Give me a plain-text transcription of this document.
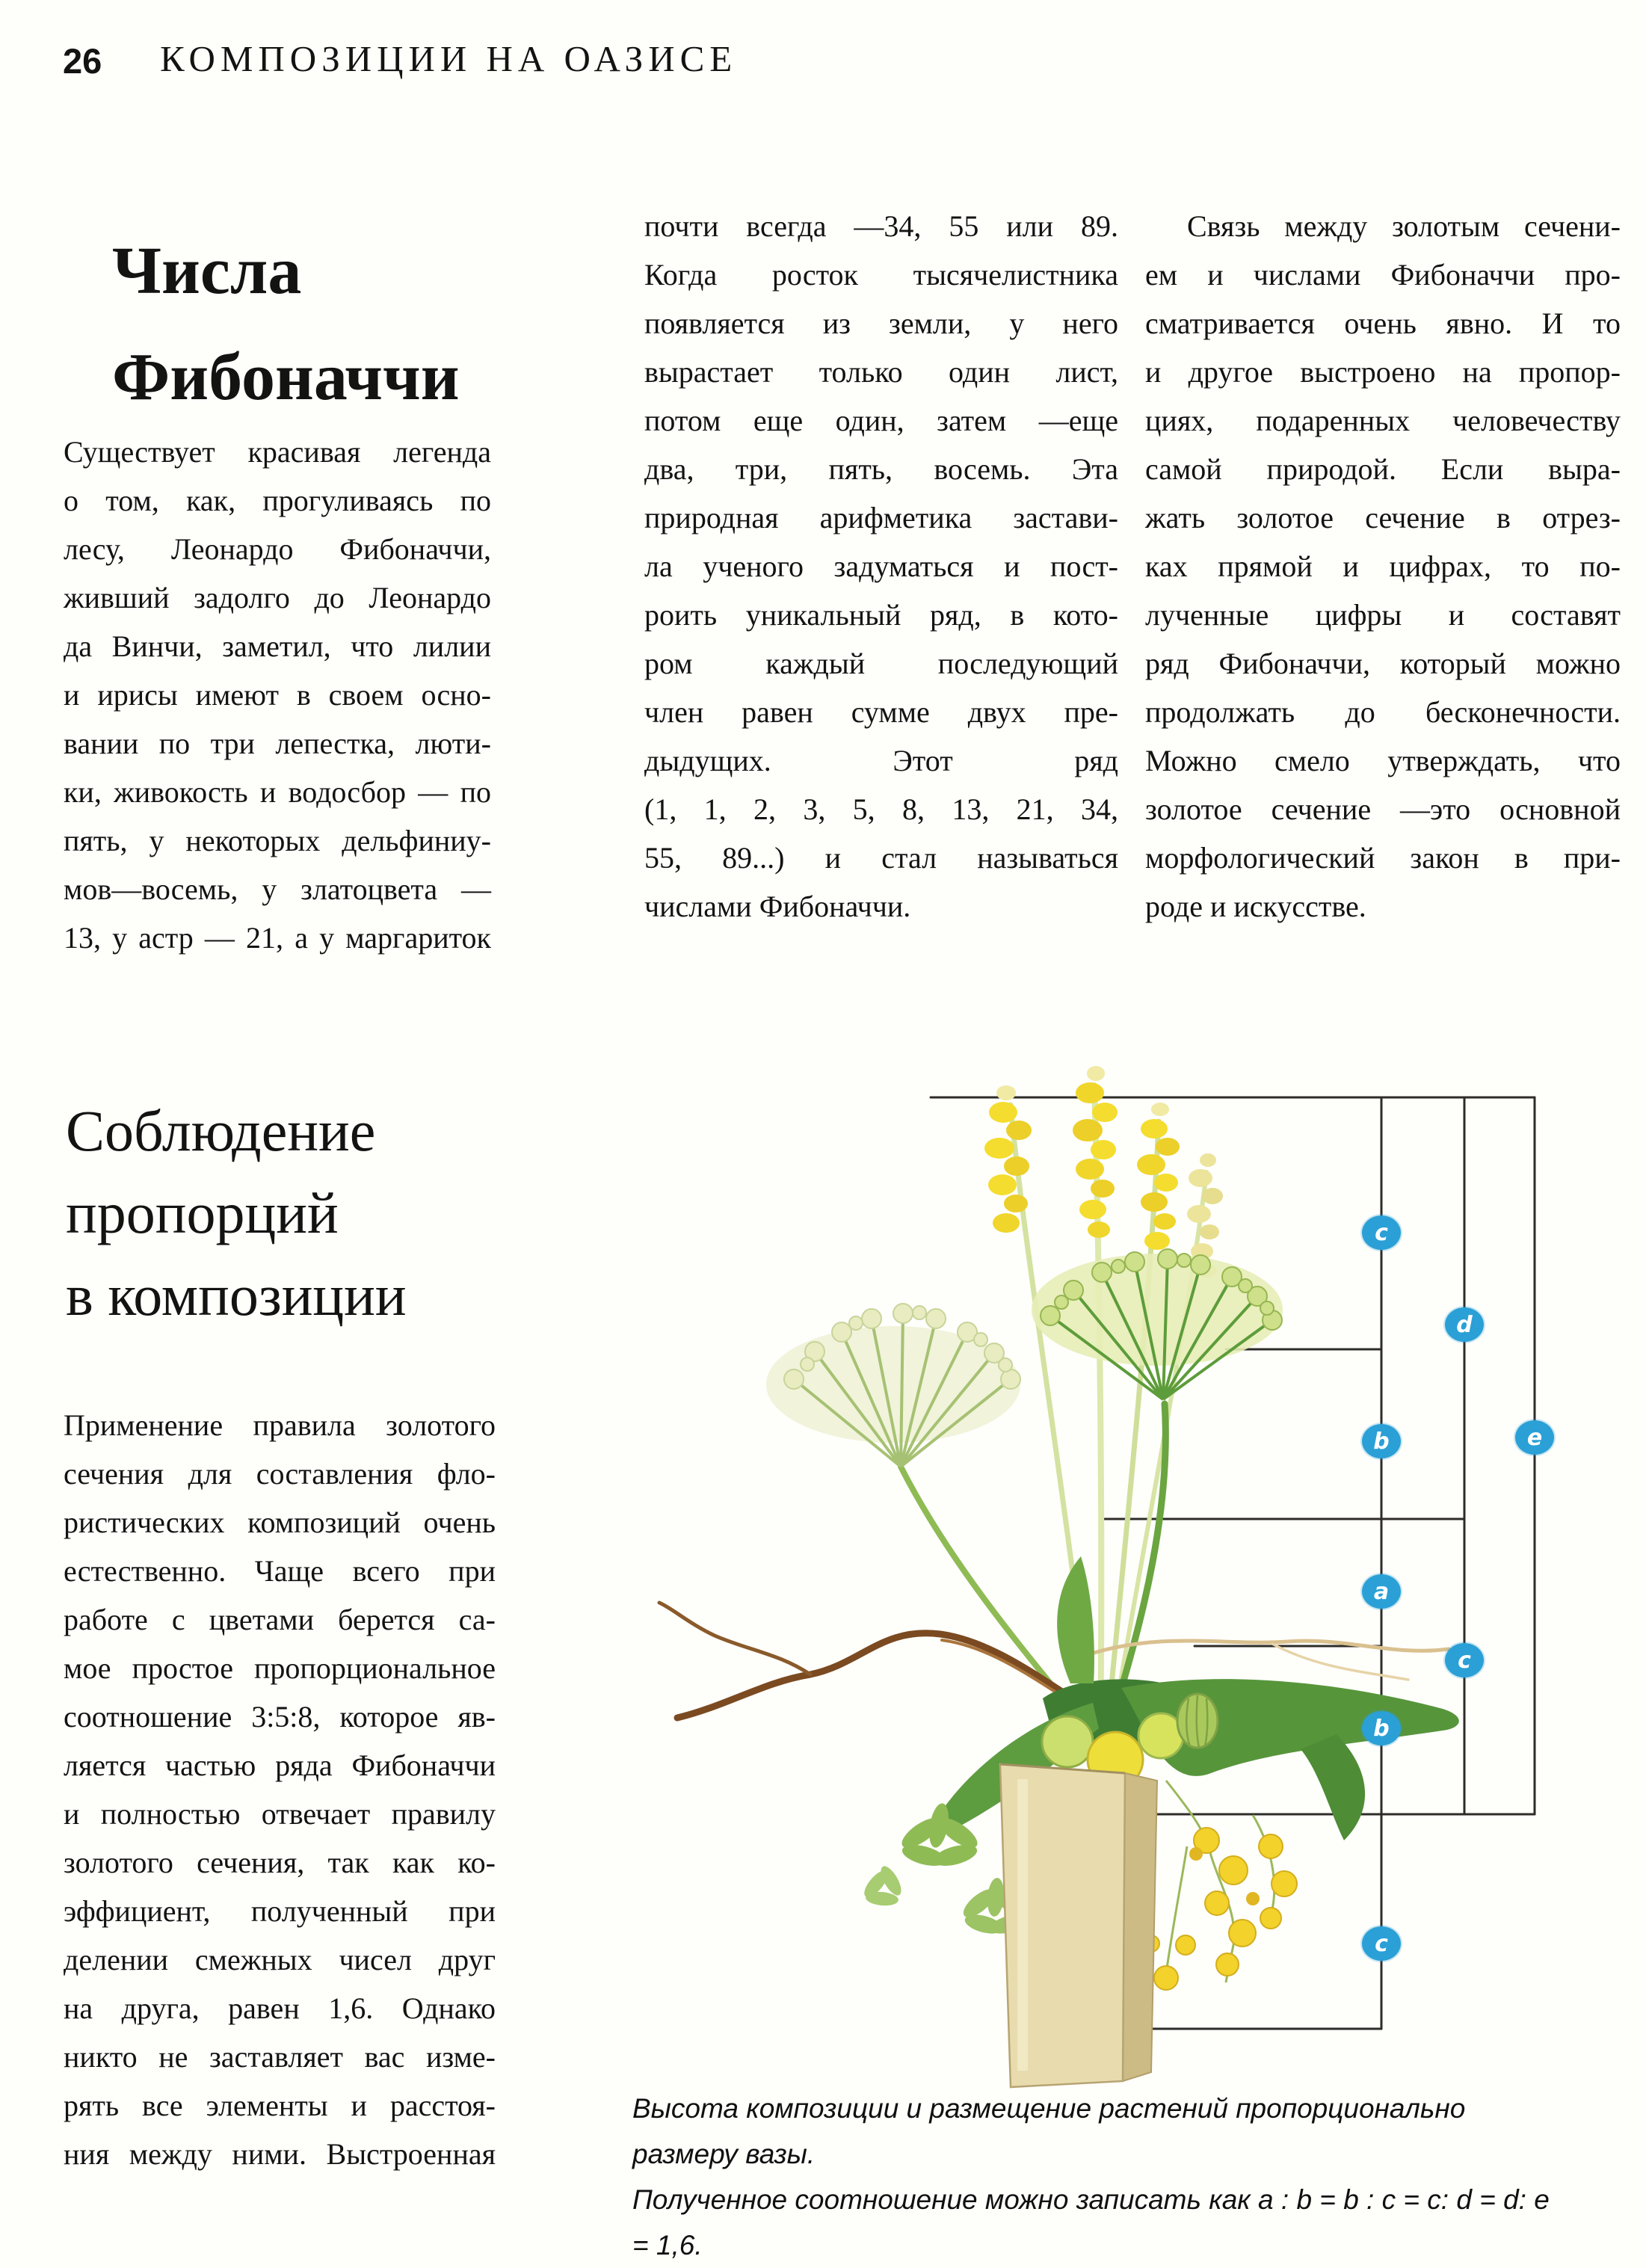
26 КОМПОЗИЦИИ НА ОАЗИСЕ
Числа
Фибоначчи
Существует красивая легенда
о том, как, прогуливаясь по
лесу, Леонардо Фибоначчи,
живший задолго до Леонардо
да Винчи, заметил, что лилии
и ирисы имеют в своем осно-
вании по три лепестка, люти-
ки, живокость и водосбор — по
пять, у некоторых дельфиниу-
мов—восемь, у златоцвета —
13, у астр — 21, а у маргариток
почти всегда —34, 55 или 89.
Когда росток тысячелистника
появляется из земли, у него
вырастает только один лист,
потом еще один, затем —еще
два, три, пять, восемь. Эта
природная арифметика застави-
ла ученого задуматься и пост-
роить уникальный ряд, в кото-
ром каждый последующий
член равен сумме двух пре-
дыдущих. Этот ряд
(1, 1, 2, 3, 5, 8, 13, 21, 34,
55, 89...) и стал называться
числами Фибоначчи.
Связь между золотым сечени-
ем и числами Фибоначчи про-
сматривается очень явно. И то
и другое выстроено на пропор-
циях, подаренных человечеству
самой природой. Если выра-
жать золотое сечение в отрез-
ках прямой и цифрах, то по-
лученные цифры и составят
ряд Фибоначчи, который можно
продолжать до бесконечности.
Можно смело утверждать, что
золотое сечение —это основной
морфологический закон в при-
роде и искусстве.
Соблюдение
пропорций
в композиции
Применение правила золотого
сечения для составления фло-
ристических композиций очень
естественно. Чаще всего при
работе с цветами берется са-
мое простое пропорциональное
соотношение 3:5:8, которое яв-
ляется частью ряда Фибоначчи
и полностью отвечает правилу
золотого сечения, так как ко-
эффициент, полученный при
делении смежных чисел друг
на друга, равен 1,6. Однако
никто не заставляет вас изме-
рять все элементы и расстоя-
ния между ними. Выстроенная
c
d
b	e
a
c
b
c
Высота композиции и размещение растений пропорционально размеру вазы.
Полученное соотношение можно записать как a : b = b : c = c: d = d: e = 1,6.
